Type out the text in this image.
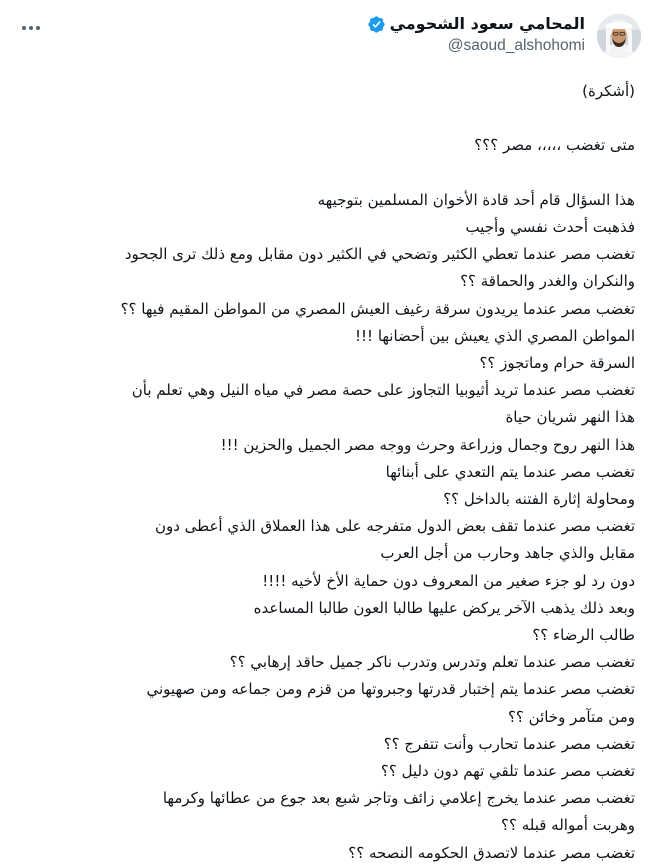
المحامي سعود الشحومي
@saoud_alshohomi
(أشكرة)
متى تغضب ،،،،، مصر ؟؟؟
هذا السؤال قام أحد قادة الأخوان المسلمين بتوجيهه
فذهبت أحدث نفسي وأجيب
تغضب مصر عندما تعطي الكثير وتضحي في الكثير دون مقابل ومع ذلك ترى الجحود
والنكران والغدر والحماقة ؟؟
تغضب مصر عندما يريدون سرقة رغيف العيش المصري من المواطن المقيم فيها ؟؟
المواطن المصري الذي يعيش بين أحضانها !!!
السرقة حرام وماتجوز ؟؟
تغضب مصر عندما تريد أثيوبيا التجاوز على حصة مصر في مياه النيل وهي تعلم بأن
هذا النهر شريان حياة
هذا النهر روح وجمال وزراعة وحرث ووجه مصر الجميل والحزين !!!
تغضب مصر عندما يتم التعدي على أبنائها
ومحاولة إثارة الفتنه بالداخل ؟؟
تغضب مصر عندما تقف بعض الدول متفرجه على هذا العملاق الذي أعطى دون
مقابل والذي جاهد وحارب من أجل العرب
دون رد لو جزء صغير من المعروف دون حماية الأخ لأخيه !!!!
وبعد ذلك يذهب الآخر يركض عليها طالبا العون طالبا المساعده
طالب الرضاء ؟؟
تغضب مصر عندما تعلم وتدرس وتدرب ناكر جميل حاقد إرهابي ؟؟
تغضب مصر عندما يتم إختبار قدرتها وجبروتها من قزم ومن جماعه ومن صهيوني
ومن متآمر وخائن ؟؟
تغضب مصر عندما تحارب وأنت تتفرج ؟؟
تغضب مصر عندما تلقي تهم دون دليل ؟؟
تغضب مصر عندما يخرج إعلامي زائف وتاجر شبع بعد جوع من عطائها وكرمها
وهربت أمواله قبله ؟؟
تغضب مصر عندما لاتصدق الحكومه النصحه ؟؟
